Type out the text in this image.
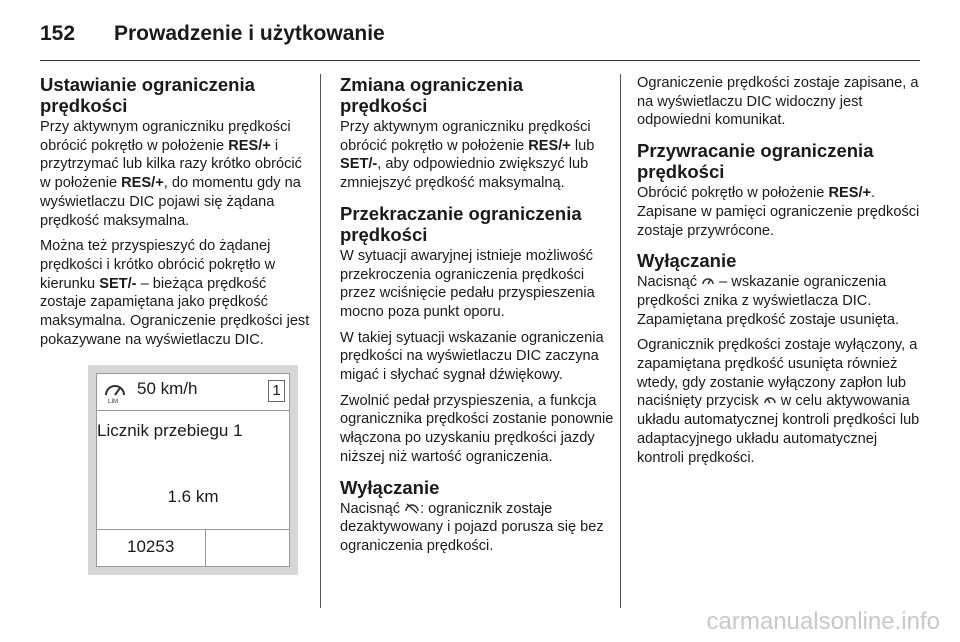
152	Prowadzenie i użytkowanie
Ustawianie ograniczenia prędkości

Przy aktywnym ograniczniku prędkości obrócić pokrętło w położenie RES/+ i przytrzymać lub kilka razy krótko obrócić w położenie RES/+, do momentu gdy na wyświetlaczu DIC pojawi się żądana prędkość maksymalna.

Można też przyspieszyć do żądanej prędkości i krótko obrócić pokrętło w kierunku SET/- – bieżąca prędkość zostaje zapamiętana jako prędkość maksymalna. Ograniczenie prędkości jest pokazywane na wyświetlaczu DIC.

LIM
50 km/h	1
Licznik przebiegu 1
1.6 km
10253
Zmiana ograniczenia prędkości

Przy aktywnym ograniczniku prędkości obrócić pokrętło w położenie RES/+ lub SET/-, aby odpowiednio zwiększyć lub zmniejszyć prędkość maksymalną.

Przekraczanie ograniczenia prędkości

W sytuacji awaryjnej istnieje możliwość przekroczenia ograniczenia prędkości przez wciśnięcie pedału przyspieszenia mocno poza punkt oporu.

W takiej sytuacji wskazanie ograniczenia prędkości na wyświetlaczu DIC zaczyna migać i słychać sygnał dźwiękowy.

Zwolnić pedał przyspieszenia, a funkcja ogranicznika prędkości zostanie ponownie włączona po uzyskaniu prędkości jazdy niższej niż wartość ograniczenia.

Wyłączanie

Nacisnąć : ogranicznik zostaje dezaktywowany i pojazd porusza się bez ograniczenia prędkości.

Ograniczenie prędkości zostaje zapisane, a na wyświetlaczu DIC widoczny jest odpowiedni komunikat.

Przywracanie ograniczenia prędkości

Obrócić pokrętło w położenie RES/+. Zapisane w pamięci ograniczenie prędkości zostaje przywrócone.

Wyłączanie

Nacisnąć  – wskazanie ograniczenia prędkości znika z wyświetlacza DIC. Zapamiętana prędkość zostaje usunięta.

Ogranicznik prędkości zostaje wyłączony, a zapamiętana prędkość usunięta również wtedy, gdy zostanie wyłączony zapłon lub naciśnięty przycisk  w celu aktywowania układu automatycznej kontroli prędkości lub adaptacyjnego układu automatycznej kontroli prędkości.

carmanualsonline.info
